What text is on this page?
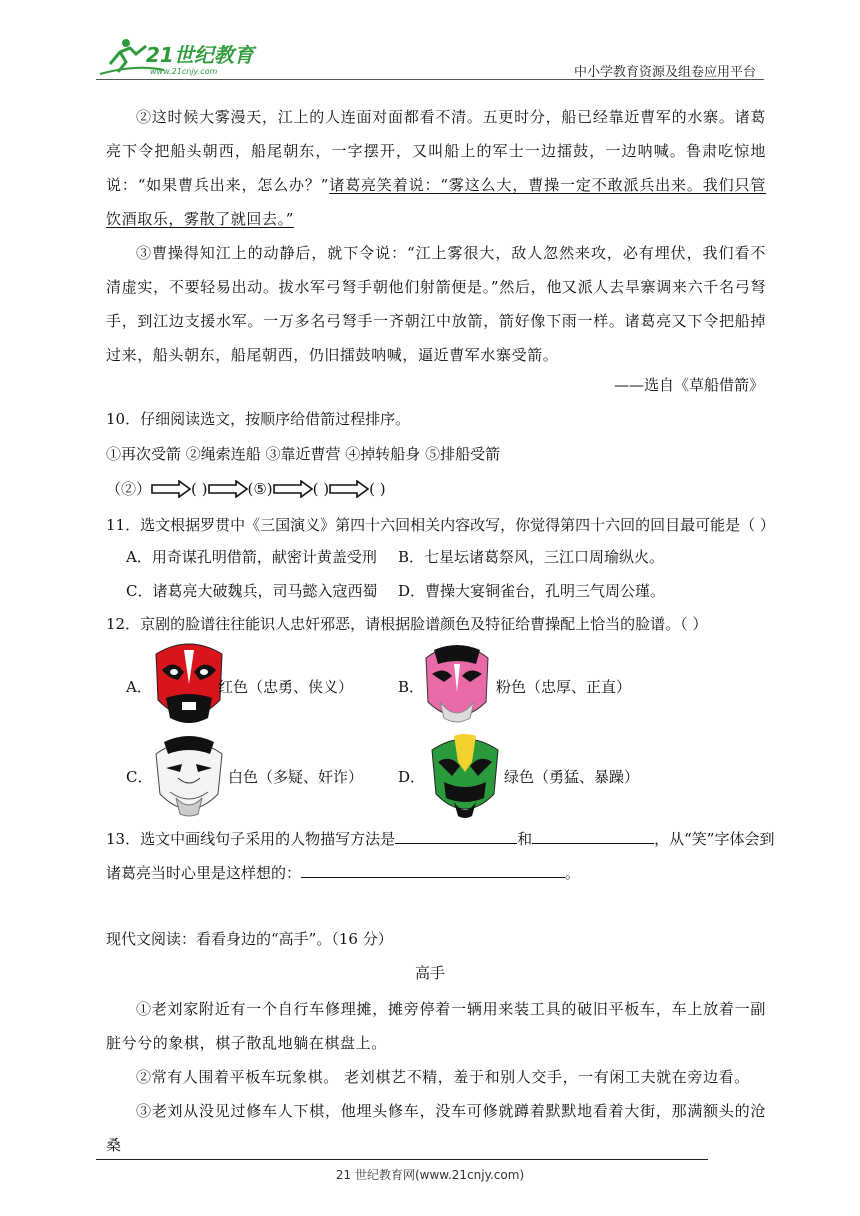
21世纪教育
www.21cnjy.com	中小学教育资源及组卷应用平台
②这时候大雾漫天，江上的人连面对面都看不清。五更时分，船已经靠近曹军的水寨。诸葛亮下令把船头朝西，船尾朝东，一字摆开，又叫船上的军士一边擂鼓，一边呐喊。鲁肃吃惊地说：“如果曹兵出来，怎么办？”诸葛亮笑着说：“雾这么大，曹操一定不敢派兵出来。我们只管饮酒取乐，雾散了就回去。”
③曹操得知江上的动静后，就下令说：“江上雾很大，敌人忽然来攻，必有埋伏，我们看不清虚实，不要轻易出动。拔水军弓弩手朝他们射箭便是。”然后，他又派人去旱寨调来六千名弓弩手，到江边支援水军。一万多名弓弩手一齐朝江中放箭，箭好像下雨一样。诸葛亮又下令把船掉过来，船头朝东，船尾朝西，仍旧擂鼓呐喊，逼近曹军水寨受箭。
——选自《草船借箭》
10．仔细阅读选文，按顺序给借箭过程排序。
①再次受箭 ②绳索连船 ③靠近曹营 ④掉转船身 ⑤排船受箭
（②）	( )	(⑤)	( )	( )
11．选文根据罗贯中《三国演义》第四十六回相关内容改写，你觉得第四十六回的回目最可能是（ ）
A．用奇谋孔明借箭，献密计黄盖受刑 B．七星坛诸葛祭风，三江口周瑜纵火。
C．诸葛亮大破魏兵，司马懿入寇西蜀 D．曹操大宴铜雀台，孔明三气周公瑾。
12．京剧的脸谱往往能识人忠奸邪恶，请根据脸谱颜色及特征给曹操配上恰当的脸谱。（ ）
A．	红色（忠勇、侠义）	B．	粉色（忠厚、正直）
C．	白色（多疑、奸诈） D．	绿色（勇猛、暴躁）
13．选文中画线句子采用的人物描写方法是	和	，从“笑”字体会到
诸葛亮当时心里是这样想的：	。
现代文阅读：看看身边的“高手”。（16 分）
高手
①老刘家附近有一个自行车修理摊，摊旁停着一辆用来装工具的破旧平板车，车上放着一副脏兮兮的象棋，棋子散乱地躺在棋盘上。
②常有人围着平板车玩象棋。 老刘棋艺不精，羞于和别人交手，一有闲工夫就在旁边看。
③老刘从没见过修车人下棋，他埋头修车，没车可修就蹲着默默地看着大街，那满额头的沧桑
21 世纪教育网(www.21cnjy.com)
